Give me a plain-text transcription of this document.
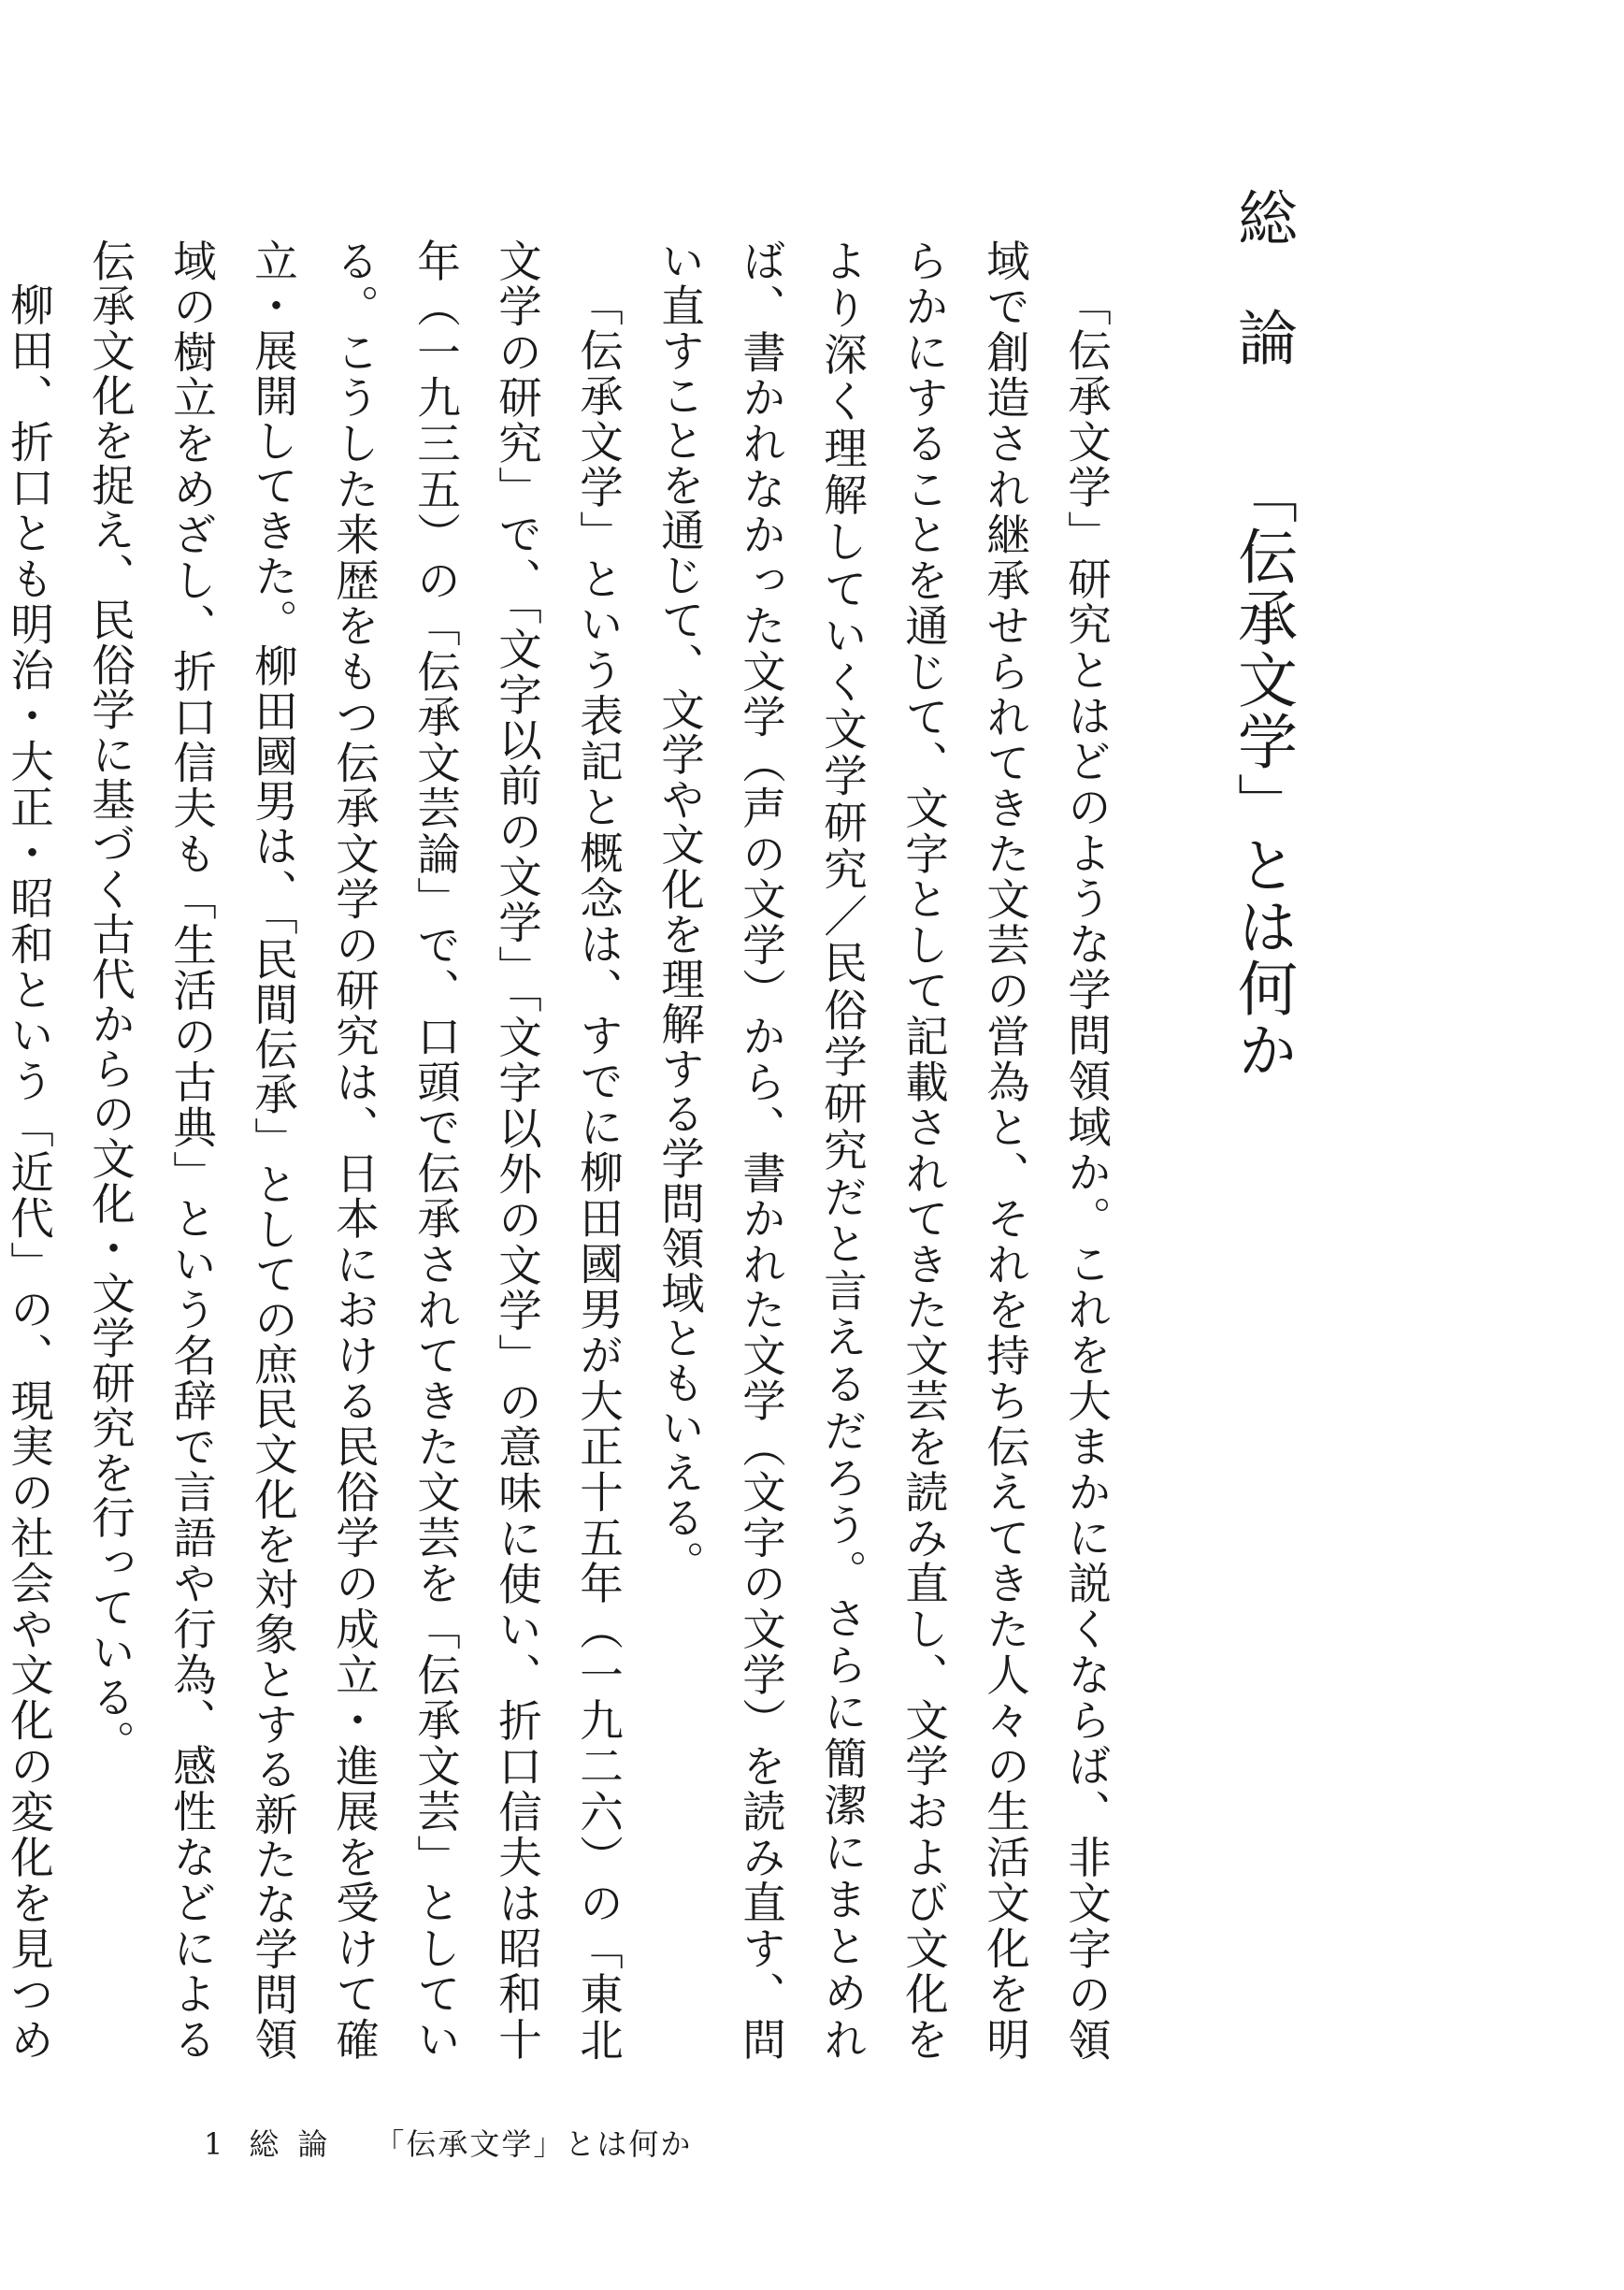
総論「伝承文学」とは何か

「伝承文学」研究とはどのような学問領域か。これを大まかに説くならば、非文字の領域で創造され継承せられてきた文芸の営為と、それを持ち伝えてきた人々の生活文化を明らかにすることを通じて、文字として記載されてきた文芸を読み直し、文学および文化をより深く理解していく文学研究／民俗学研究だと言えるだろう。さらに簡潔にまとめれば、書かれなかった文学（声の文学）から、書かれた文学（文字の文学）を読み直す、問い直すことを通じて、文学や文化を理解する学問領域ともいえる。

「伝承文学」という表記と概念は、すでに柳田國男が大正十五年（一九二六）の「東北文学の研究」で、「文字以前の文学」「文字以外の文学」の意味に使い、折口信夫は昭和十年（一九三五）の「伝承文芸論」で、口頭で伝承されてきた文芸を「伝承文芸」としている。こうした来歴をもつ伝承文学の研究は、日本における民俗学の成立・進展を受けて確立・展開してきた。柳田國男は、「民間伝承」としての庶民文化を対象とする新たな学問領域の樹立をめざし、折口信夫も「生活の古典」という名辞で言語や行為、感性などによる伝承文化を捉え、民俗学に基づく古代からの文化・文学研究を行っている。

柳田、折口とも明治・大正・昭和という「近代」の、現実の社会や文化の変化を見つめ

1 総論 「伝承文学」とは何か
